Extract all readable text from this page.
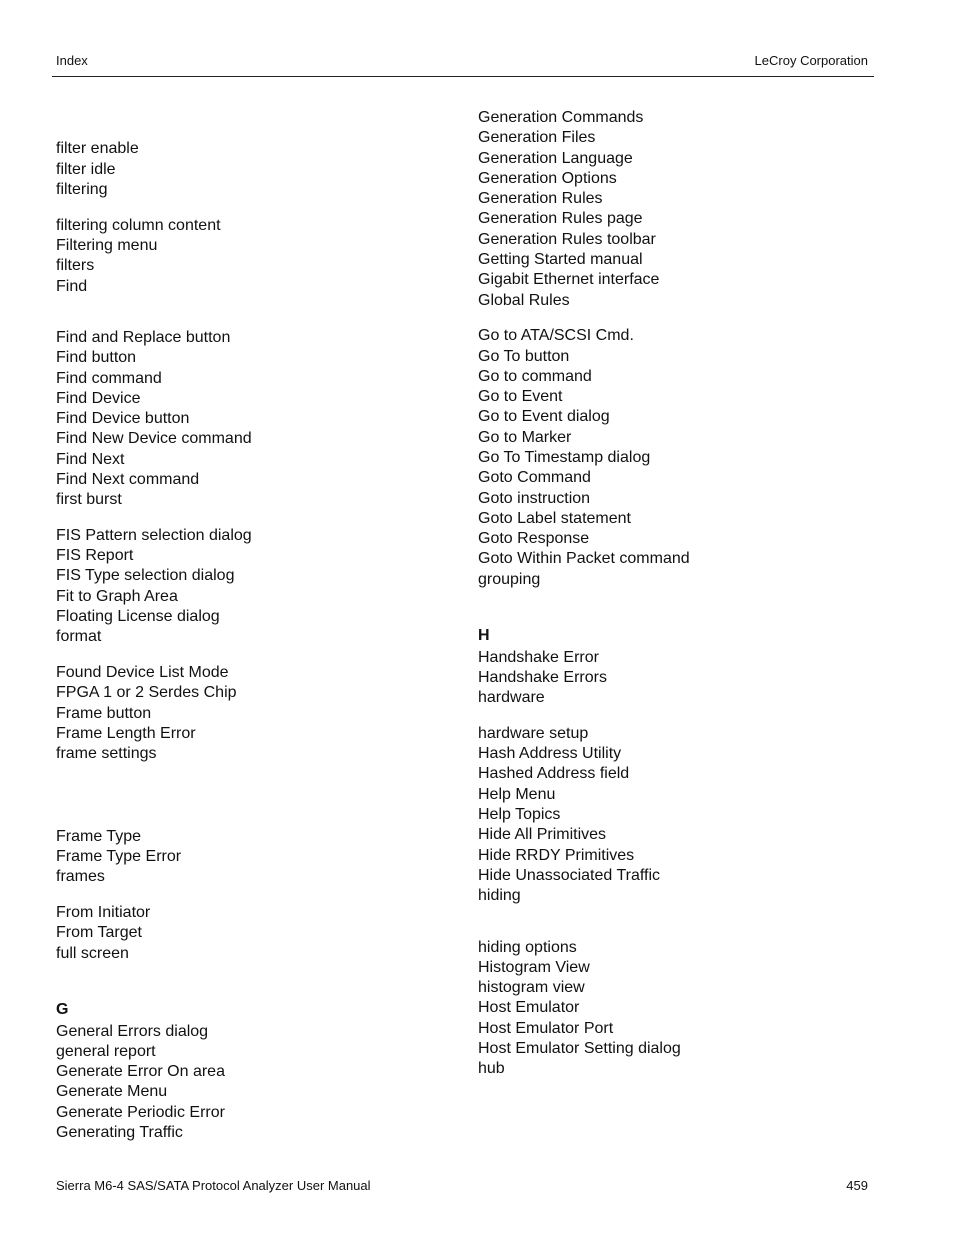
Index	LeCroy Corporation
filter enable
filter idle
filtering
filtering column content
Filtering menu
filters
Find
Find and Replace button
Find button
Find command
Find Device
Find Device button
Find New Device command
Find Next
Find Next command
first burst
FIS Pattern selection dialog
FIS Report
FIS Type selection dialog
Fit to Graph Area
Floating License dialog
format
Found Device List Mode
FPGA 1 or 2 Serdes Chip
Frame button
Frame Length Error
frame settings
Frame Type
Frame Type Error
frames
From Initiator
From Target
full screen
G
General Errors dialog
general report
Generate Error On area
Generate Menu
Generate Periodic Error
Generating Traffic
Generation Commands
Generation Files
Generation Language
Generation Options
Generation Rules
Generation Rules page
Generation Rules toolbar
Getting Started manual
Gigabit Ethernet interface
Global Rules
Go to ATA/SCSI Cmd.
Go To button
Go to command
Go to Event
Go to Event dialog
Go to Marker
Go To Timestamp dialog
Goto Command
Goto instruction
Goto Label statement
Goto Response
Goto Within Packet command
grouping
H
Handshake Error
Handshake Errors
hardware
hardware setup
Hash Address Utility
Hashed Address field
Help Menu
Help Topics
Hide All Primitives
Hide RRDY Primitives
Hide Unassociated Traffic
hiding
hiding options
Histogram View
histogram view
Host Emulator
Host Emulator Port
Host Emulator Setting dialog
hub
Sierra M6-4 SAS/SATA Protocol Analyzer User Manual	459
